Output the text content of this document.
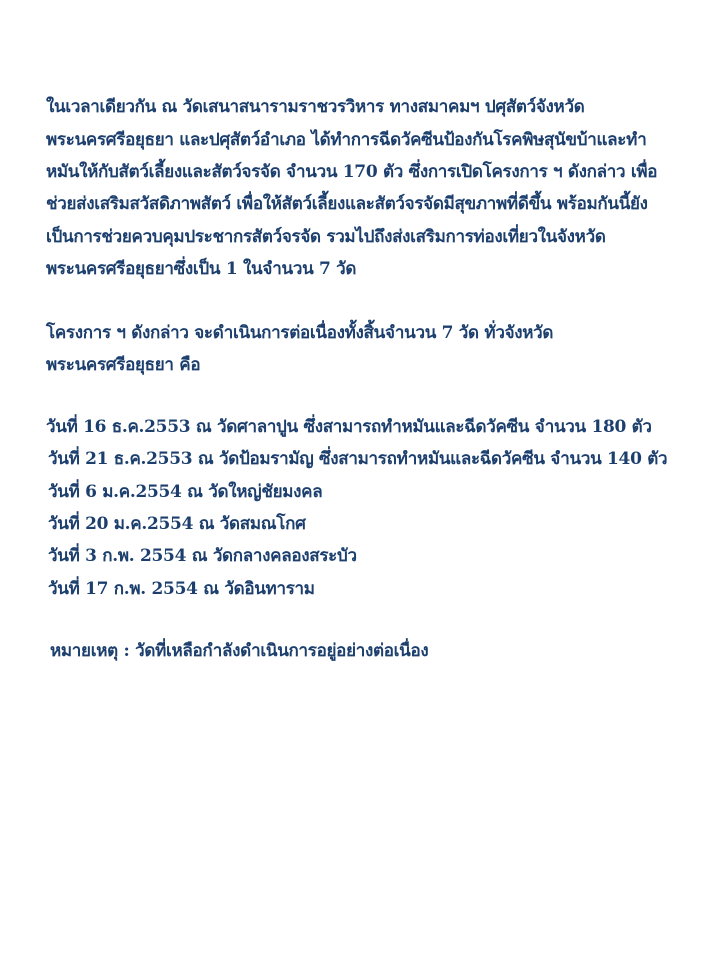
ในเวลาเดียวกัน ณ วัดเสนาสนารามราชวรวิหาร ทางสมาคมฯ ปศุสัตว์จังหวัด
พระนครศรีอยุธยา และปศุสัตว์อำเภอ ได้ทำการฉีดวัคซีนป้องกันโรคพิษสุนัขบ้าและทำ
หมันให้กับสัตว์เลี้ยงและสัตว์จรจัด จำนวน 170 ตัว ซึ่งการเปิดโครงการ ฯ ดังกล่าว เพื่อ
ช่วยส่งเสริมสวัสดิภาพสัตว์ เพื่อให้สัตว์เลี้ยงและสัตว์จรจัดมีสุขภาพที่ดีขึ้น พร้อมกันนี้ยัง
เป็นการช่วยควบคุมประชากรสัตว์จรจัด รวมไปถึงส่งเสริมการท่องเที่ยวในจังหวัด
พระนครศรีอยุธยาซึ่งเป็น 1 ในจำนวน 7 วัด
โครงการ ฯ ดังกล่าว จะดำเนินการต่อเนื่องทั้งสิ้นจำนวน 7 วัด ทั่วจังหวัด
พระนครศรีอยุธยา คือ
วันที่ 16 ธ.ค.2553 ณ วัดศาลาปูน ซึ่งสามารถทำหมันและฉีดวัคซีน จำนวน 180 ตัว
วันที่ 21 ธ.ค.2553 ณ วัดป้อมรามัญ ซึ่งสามารถทำหมันและฉีดวัคซีน จำนวน 140 ตัว
วันที่ 6 ม.ค.2554 ณ วัดใหญ่ชัยมงคล
วันที่ 20 ม.ค.2554 ณ วัดสมณโกศ
วันที่ 3 ก.พ. 2554 ณ วัดกลางคลองสระบัว
วันที่ 17 ก.พ. 2554 ณ วัดอินทาราม
หมายเหตุ : วัดที่เหลือกำลังดำเนินการอยู่อย่างต่อเนื่อง
